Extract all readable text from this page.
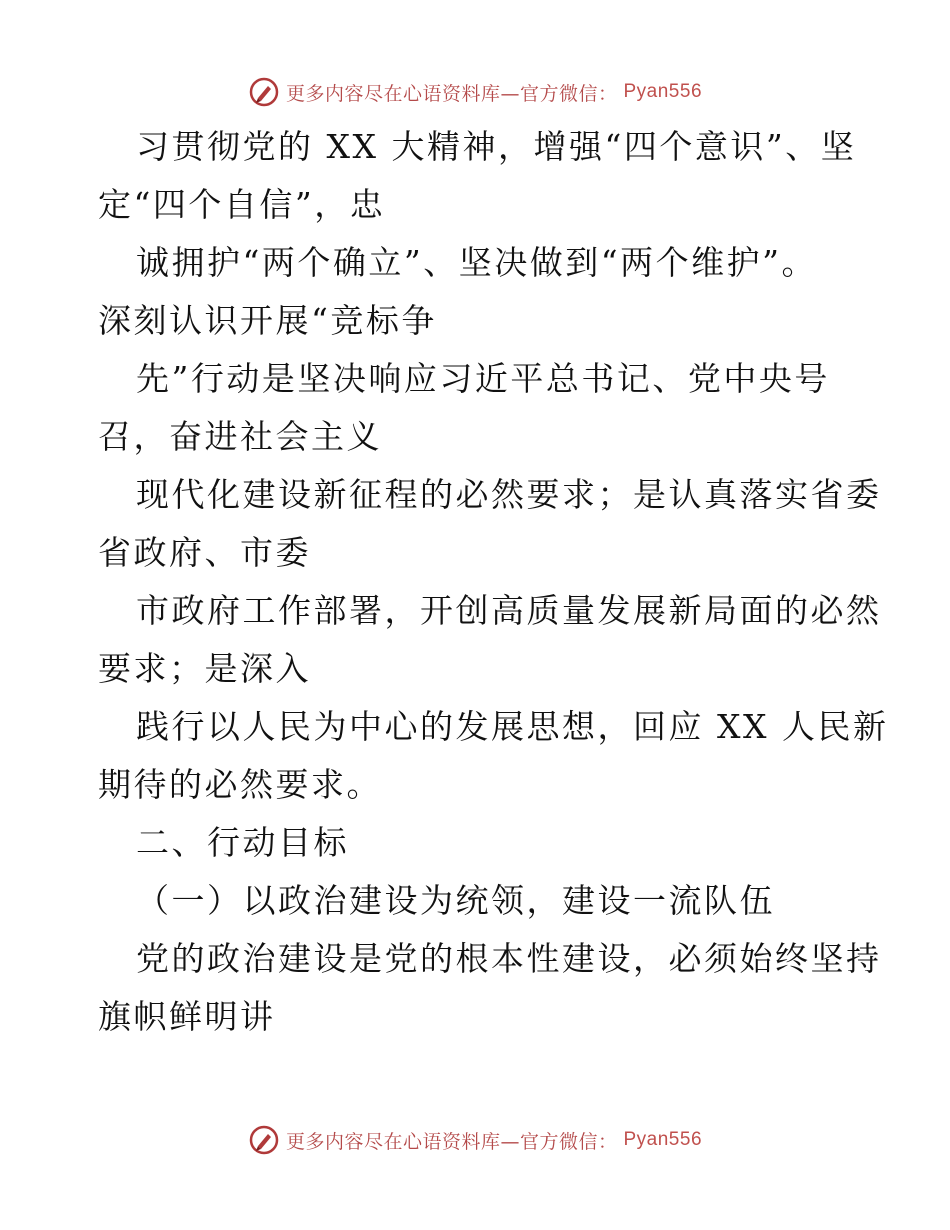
更多内容尽在心语资料库—官方微信： Pyan556
习贯彻党的 XX 大精神，增强“四个意识”、坚
定“四个自信”，忠
诚拥护“两个确立”、坚决做到“两个维护”。
深刻认识开展“竞标争
先”行动是坚决响应习近平总书记、党中央号
召，奋进社会主义
现代化建设新征程的必然要求；是认真落实省委
省政府、市委
市政府工作部署，开创高质量发展新局面的必然
要求；是深入
践行以人民为中心的发展思想，回应 XX 人民新
期待的必然要求。
二、行动目标
（一）以政治建设为统领，建设一流队伍
党的政治建设是党的根本性建设，必须始终坚持
旗帜鲜明讲
更多内容尽在心语资料库—官方微信： Pyan556
